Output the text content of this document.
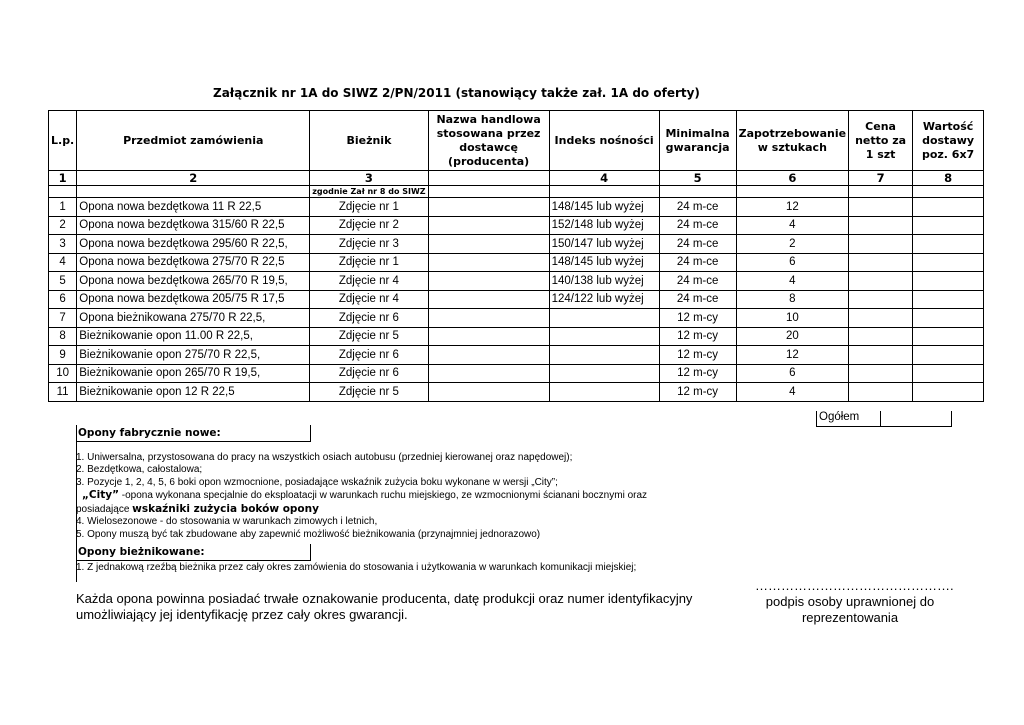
Załącznik nr 1A do SIWZ 2/PN/2011 (stanowiący także zał. 1A do oferty)
L.p.	Przedmiot zamówienia	Bieżnik	Nazwa handlowa stosowana przez dostawcę (producenta)	Indeks nośności	Minimalna gwarancja	Zapotrzebowanie w sztukach	Cena netto za 1 szt	Wartość dostawy poz. 6x7
1	2	3		4	5	6	7	8
		zgodnie Zał nr 8 do SIWZ						
1	Opona nowa bezdętkowa 11 R 22,5	Zdjęcie nr 1		148/145 lub wyżej	24 m-ce	12		
2	Opona nowa bezdętkowa 315/60 R 22,5	Zdjęcie nr 2		152/148 lub wyżej	24 m-ce	4		
3	Opona nowa bezdętkowa 295/60 R 22,5,	Zdjęcie nr 3		150/147 lub wyżej	24 m-ce	2		
4	Opona nowa bezdętkowa 275/70 R 22,5	Zdjęcie nr 1		148/145 lub wyżej	24 m-ce	6		
5	Opona nowa bezdętkowa 265/70 R 19,5,	Zdjęcie nr 4		140/138 lub wyżej	24 m-ce	4		
6	Opona nowa bezdętkowa 205/75 R 17,5	Zdjęcie nr 4		124/122 lub wyżej	24 m-ce	8		
7	Opona bieżnikowana 275/70 R 22,5,	Zdjęcie nr 6			12 m-cy	10		
8	Bieżnikowanie opon 11.00 R 22,5,	Zdjęcie nr 5			12 m-cy	20		
9	Bieżnikowanie opon 275/70 R 22,5,	Zdjęcie nr 6			12 m-cy	12		
10	Bieżnikowanie opon 265/70 R 19,5,	Zdjęcie nr 6			12 m-cy	6		
11	Bieżnikowanie opon 12 R 22,5	Zdjęcie nr 5			12 m-cy	4		
Ogółem
Opony fabrycznie nowe:
1. Uniwersalna, przystosowana do pracy na wszystkich osiach autobusu (przedniej kierowanej oraz napędowej);
2. Bezdętkowa, całostalowa;
3. Pozycje 1, 2, 4, 5, 6 boki opon wzmocnione, posiadające wskaźnik zużycia boku wykonane w wersji „City”;
„City” -opona wykonana specjalnie do eksploatacji w warunkach ruchu miejskiego, ze wzmocnionymi ścianani bocznymi oraz
posiadające wskaźniki zużycia boków opony
4. Wielosezonowe - do stosowania w warunkach zimowych i letnich,
5. Opony muszą być tak zbudowane aby zapewnić możliwość bieżnikowania (przynajmniej jednorazowo)
Opony bieżnikowane:
1. Z jednakową rzeźbą bieżnika przez cały okres zamówienia do stosowania i użytkowania w warunkach komunikacji miejskiej;
Każda opona powinna posiadać trwałe oznakowanie producenta, datę produkcji oraz numer identyfikacyjny umożliwiający jej identyfikację przez cały okres gwarancji.
……………………………………….
podpis osoby uprawnionej do
reprezentowania
